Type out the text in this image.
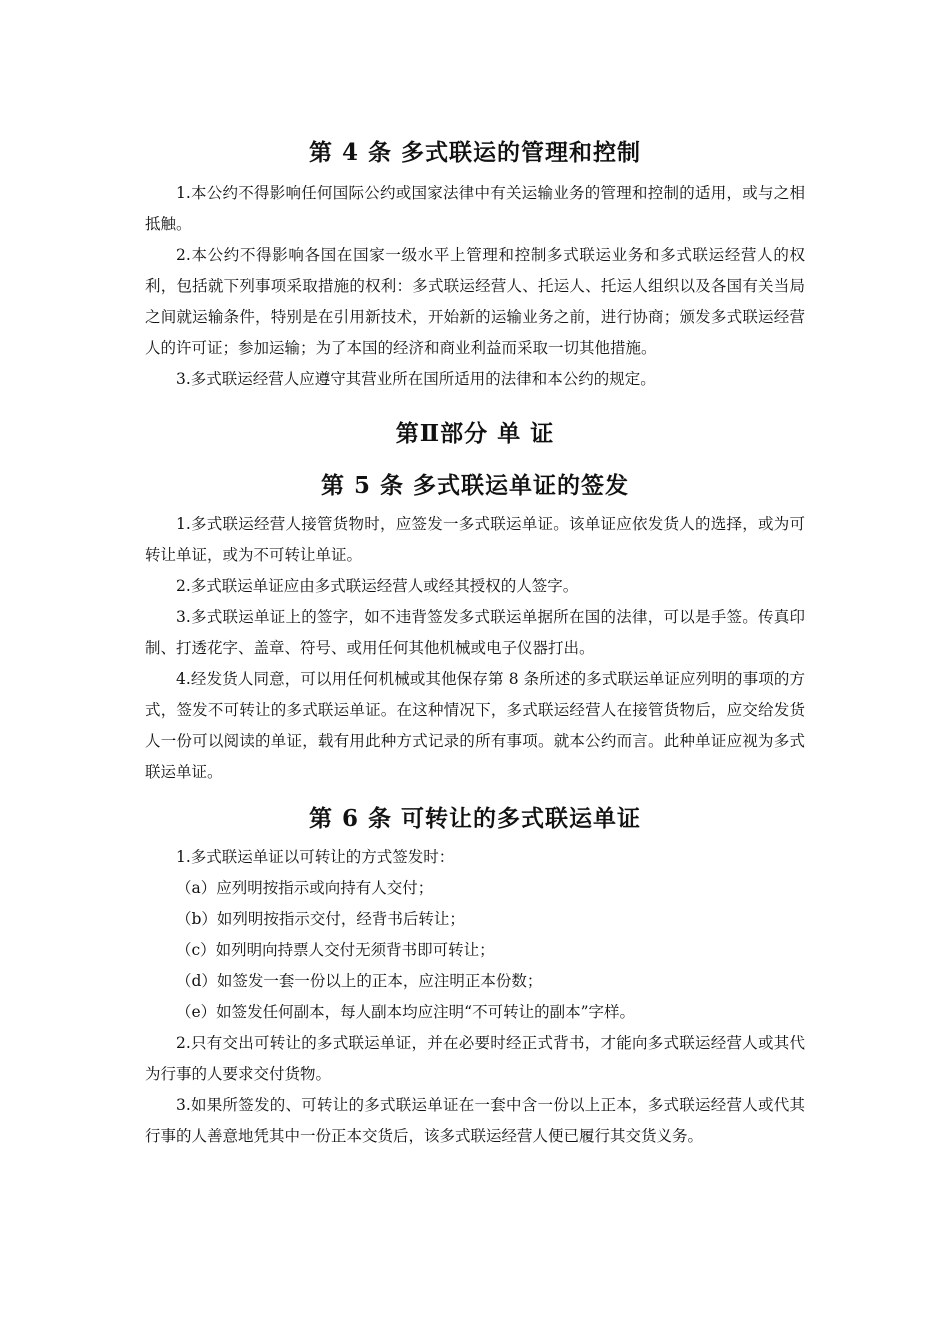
第 4 条 多式联运的管理和控制

1.本公约不得影响任何国际公约或国家法律中有关运输业务的管理和控制的适用，或与之相抵触。

2.本公约不得影响各国在国家一级水平上管理和控制多式联运业务和多式联运经营人的权利，包括就下列事项采取措施的权利：多式联运经营人、托运人、托运人组织以及各国有关当局之间就运输条件，特别是在引用新技术，开始新的运输业务之前，进行协商；颁发多式联运经营人的许可证；参加运输；为了本国的经济和商业利益而采取一切其他措施。

3.多式联运经营人应遵守其营业所在国所适用的法律和本公约的规定。

第Ⅱ部分 单 证
第 5 条 多式联运单证的签发

1.多式联运经营人接管货物时，应签发一多式联运单证。该单证应依发货人的选择，或为可转让单证，或为不可转让单证。

2.多式联运单证应由多式联运经营人或经其授权的人签字。

3.多式联运单证上的签字，如不违背签发多式联运单据所在国的法律，可以是手签。传真印制、打透花字、盖章、符号、或用任何其他机械或电子仪器打出。

4.经发货人同意，可以用任何机械或其他保存第 8 条所述的多式联运单证应列明的事项的方式，签发不可转让的多式联运单证。在这种情况下，多式联运经营人在接管货物后，应交给发货人一份可以阅读的单证，载有用此种方式记录的所有事项。就本公约而言。此种单证应视为多式联运单证。

第 6 条 可转让的多式联运单证

1.多式联运单证以可转让的方式签发时：

（a）应列明按指示或向持有人交付；

（b）如列明按指示交付，经背书后转让；

（c）如列明向持票人交付无须背书即可转让；

（d）如签发一套一份以上的正本，应注明正本份数；

（e）如签发任何副本，每人副本均应注明“不可转让的副本”字样。

2.只有交出可转让的多式联运单证，并在必要时经正式背书，才能向多式联运经营人或其代为行事的人要求交付货物。

3.如果所签发的、可转让的多式联运单证在一套中含一份以上正本，多式联运经营人或代其行事的人善意地凭其中一份正本交货后，该多式联运经营人便已履行其交货义务。
